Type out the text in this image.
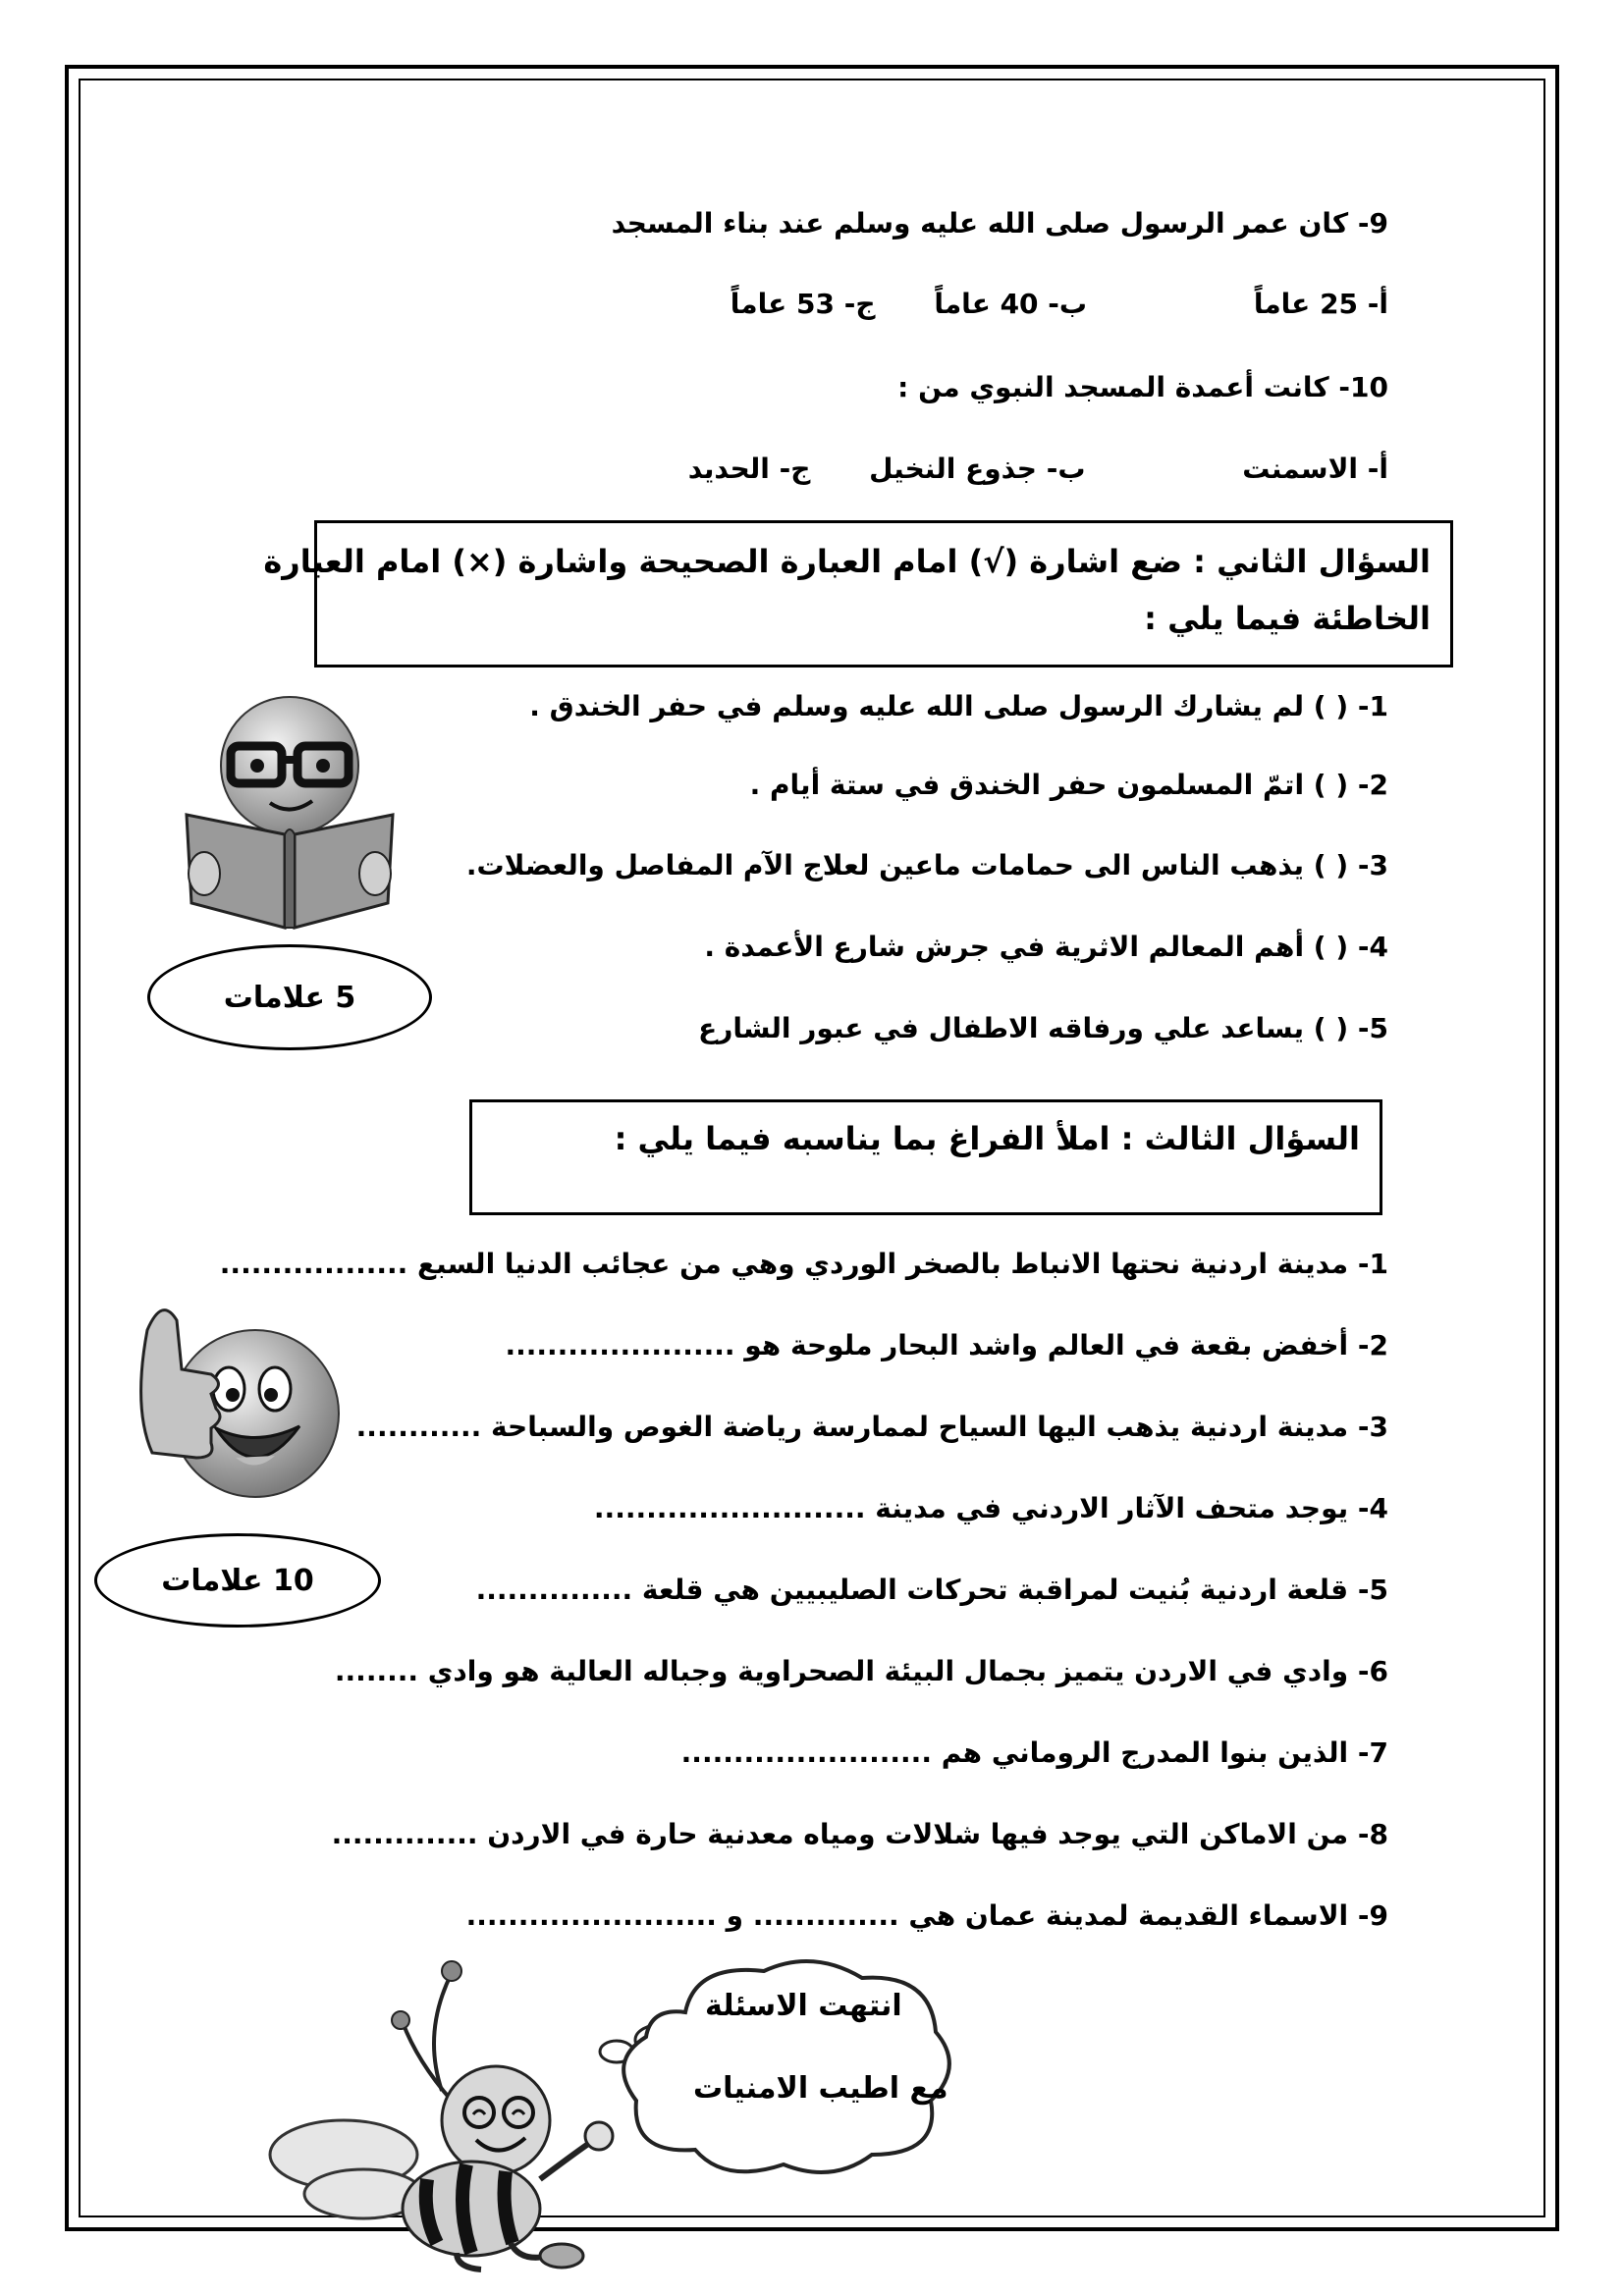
9- كان عمر الرسول صلى الله عليه وسلم عند بناء المسجد
أ- 25 عاماً ب- 40 عاماً ج- 53 عاماً
10- كانت أعمدة المسجد النبوي من :
أ- الاسمنت ب- جذوع النخيل ج- الحديد
السؤال الثاني : ضع اشارة (√) امام العبارة الصحيحة واشارة (×) امام العبارة
الخاطئة فيما يلي :
1- ( ) لم يشارك الرسول صلى الله عليه وسلم في حفر الخندق .
2- ( ) اتمّ المسلمون حفر الخندق في ستة أيام .
3- ( ) يذهب الناس الى حمامات ماعين لعلاج الآم المفاصل والعضلات.
4- ( ) أهم المعالم الاثرية في جرش شارع الأعمدة .
5- ( ) يساعد علي ورفاقه الاطفال في عبور الشارع
5 علامات
السؤال الثالث : املأ الفراغ بما يناسبه فيما يلي :
1- مدينة اردنية نحتها الانباط بالصخر الوردي وهي من عجائب الدنيا السبع ..................
2- أخفض بقعة في العالم واشد البحار ملوحة هو ......................
3- مدينة اردنية يذهب اليها السياح لممارسة رياضة الغوص والسباحة ............
4- يوجد متحف الآثار الاردني في مدينة ..........................
5- قلعة اردنية بُنيت لمراقبة تحركات الصليبيين هي قلعة ...............
6- وادي في الاردن يتميز بجمال البيئة الصحراوية وجباله العالية هو وادي ........
7- الذين بنوا المدرج الروماني هم ........................
8- من الاماكن التي يوجد فيها شلالات ومياه معدنية حارة في الاردن ..............
9- الاسماء القديمة لمدينة عمان هي .............. و ........................
10 علامات
انتهت الاسئلة
مع اطيب الامنيات
